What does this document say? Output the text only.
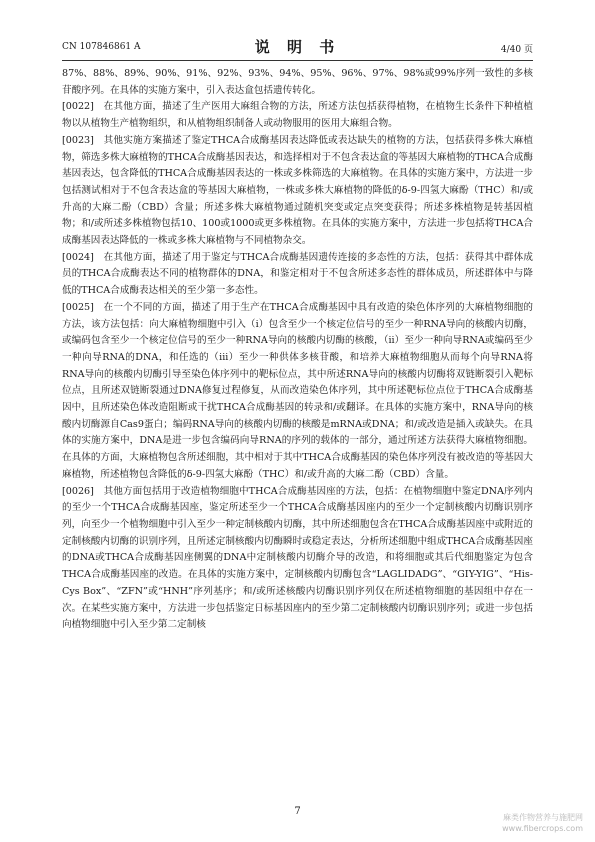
CN 107846861 A	说 明 书	4/40 页

87%、88%、89%、90%、91%、92%、93%、94%、95%、96%、97%、98%或99%序列一致性的多核苷酸序列。在具体的实施方案中，引入表达盒包括遗传转化。

[0022]  在其他方面，描述了生产医用大麻组合物的方法，所述方法包括获得植物，在植物生长条件下种植植物以从植物生产植物组织，和从植物组织制备人或动物服用的医用大麻组合物。

[0023]  其他实施方案描述了鉴定THCA合成酶基因表达降低或表达缺失的植物的方法，包括获得多株大麻植物，筛选多株大麻植物的THCA合成酶基因表达，和选择相对于不包含表达盒的等基因大麻植物的THCA合成酶基因表达，包含降低的THCA合成酶基因表达的一株或多株筛选的大麻植物。在具体的实施方案中，方法进一步包括测试相对于不包含表达盒的等基因大麻植物，一株或多株大麻植物的降低的δ-9-四氢大麻酚（THC）和/或升高的大麻二酚（CBD）含量；所述多株大麻植物通过随机突变或定点突变获得；所述多株植物是转基因植物；和/或所述多株植物包括10、100或1000或更多株植物。在具体的实施方案中，方法进一步包括将THCA合成酶基因表达降低的一株或多株大麻植物与不同植物杂交。

[0024]  在其他方面，描述了用于鉴定与THCA合成酶基因遗传连接的多态性的方法，包括：获得其中群体成员的THCA合成酶表达不同的植物群体的DNA，和鉴定相对于不包含所述多态性的群体成员，所述群体中与降低的THCA合成酶表达相关的至少第一多态性。

[0025]  在一个不同的方面，描述了用于生产在THCA合成酶基因中具有改造的染色体序列的大麻植物细胞的方法，该方法包括：向大麻植物细胞中引入（i）包含至少一个核定位信号的至少一种RNA导向的核酸内切酶，或编码包含至少一个核定位信号的至少一种RNA导向的核酸内切酶的核酸，（ii）至少一种向导RNA或编码至少一种向导RNA的DNA，和任选的（iii）至少一种供体多核苷酸，和培养大麻植物细胞从而每个向导RNA将RNA导向的核酸内切酶引导至染色体序列中的靶标位点，其中所述RNA导向的核酸内切酶将双链断裂引入靶标位点，且所述双链断裂通过DNA修复过程修复，从而改造染色体序列，其中所述靶标位点位于THCA合成酶基因中，且所述染色体改造阻断或干扰THCA合成酶基因的转录和/或翻译。在具体的实施方案中，RNA导向的核酸内切酶源自Cas9蛋白；编码RNA导向的核酸内切酶的核酸是mRNA或DNA；和/或改造是插入或缺失。在具体的实施方案中，DNA是进一步包含编码向导RNA的序列的载体的一部分，通过所述方法获得大麻植物细胞。在具体的方面，大麻植物包含所述细胞，其中相对于其中THCA合成酶基因的染色体序列没有被改造的等基因大麻植物，所述植物包含降低的δ-9-四氢大麻酚（THC）和/或升高的大麻二酚（CBD）含量。

[0026]  其他方面包括用于改造植物细胞中THCA合成酶基因座的方法，包括：在植物细胞中鉴定DNA序列内的至少一个THCA合成酶基因座，鉴定所述至少一个THCA合成酶基因座内的至少一个定制核酸内切酶识别序列，向至少一个植物细胞中引入至少一种定制核酸内切酶，其中所述细胞包含在THCA合成酶基因座中或附近的定制核酸内切酶的识别序列，且所述定制核酸内切酶瞬时或稳定表达，分析所述细胞中组成THCA合成酶基因座的DNA或THCA合成酶基因座侧翼的DNA中定制核酸内切酶介导的改造，和将细胞或其后代细胞鉴定为包含THCA合成酶基因座的改造。在具体的实施方案中，定制核酸内切酶包含“LAGLIDADG”、“GIY-YIG”、“His-Cys Box”、“ZFN”或“HNH”序列基序；和/或所述核酸内切酶识别序列仅在所述植物细胞的基因组中存在一次。在某些实施方案中，方法进一步包括鉴定日标基因座内的至少第二定制核酸内切酶识别序列；或进一步包括向植物细胞中引入至少第二定制核

7
麻类作物营养与施肥网
www.fibercrops.com
